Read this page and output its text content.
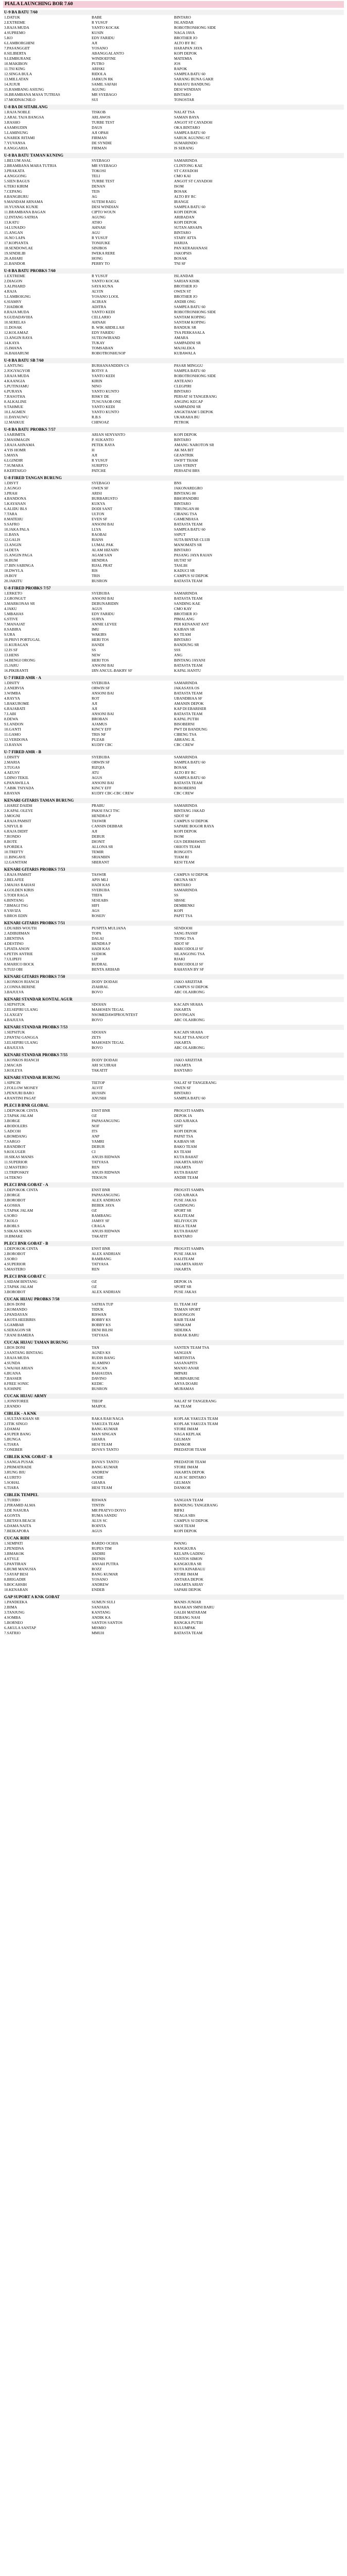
PIALA LAUNCHING BOR 7.60
U-9 BA BATU 7/60
1.DATUK	BABE	BINTARO
2.EXTREME	R YUSUF	ISLANDAR
3.RAJA MUDA	YANTO KOCAK	ROBOTRONHONG SIDE
4.SUPREMO	KUSIN	NAGA JAVA
5.KO	EDY FARIDU	BROTHER JO
6.LAMBORGHINI	AJI	ALTO BY RC
7.PASANGGIIT	YOSANO	HARAPAN JAYA
8.SILIBERTA	ABANGGALANTO	KOPI DEPOK
9.LEMBURANE	WINDOEFINE	MATEMIA
10.MAKIBON	PUTRO	JOS
11.TSI KING	ARISKI	RAPOK
12.SINGA BULA	RIDOLA	SAMPEA BATU 60
13.MILLATAN	JARKUN RK	SARANG BUNA GAKR
14.JUJUR	SAMIL SAFAH	RAHAYU BANDUNG
15.RAMBANG ASIUNG	AGUNG	DESI WINDIAN
16.BRAMBANA MASA TUTRIAS	MR SYEBAGO	BINTARO
17.MODNACNILO	SUI	TONOSTAR
U-8 BA DI SITABLANG
1.RAJA NOBLE	TISKOB	NALAT TSA
2.ARAL TAJA BANGSA	ARLAWOS	SAMAN BAYA
3.RASHO	TURBE TEST	ANGOT ST CAYADOH
4.SAMSUDIN	DAUS	OKA BINTARO
5.LAMINUNG	AJI OPAH	SAMPEA BATU 60
6.NAREK RITAMI	FIRMAN	SARUK AGUNNG ST
7.YUVANSA	DE SYNDIE	SUMARINDO
8.ANGGARIA	FIRMAN	IS SERANG
U-8 BA BATU TAMAN KUNING
1.BELUM ASAL	SYEBAGO	SAMARINDA
2.BRAMBANA MARA TUTRIA	MR SYEBAGO	CLINTONG KAE
3.PRAKATA	TOKOSI	ST CAYADOH
4.ANGGONG	TELI	CMO KAI
5.SIEN BAGUS	TURBE TEST	ANGOT ST CAYADOH
6.TEKI KIRIM	DENAN	ISOM
7.CEPANG	TEIS	BOSAK
8.BANGBURU	AG	ALTO BY RC
9.MANDAM ARNAMA	SUTEM RAEG	IRANGE
10.YUSNAK KUNJE	DESI WINDIAN	SAMPEA BATU 60
11.BRAMBANA BAGAN	CIPTO WOUN	KOPI DEPOK
12.INTANG SATRIA	AGUNG	ARIBADAN
13.KATU	ATHO	KOPI DEPOK
14.LUNADO	AHNAH	SUTAN ARSAPA
15.ANGAN	AGU	BINTARO
16.NO LAPA	R YUSUF	STARY ATTA
17.KOPIANTA	TONIJUKE	HARIJA
18.SENDOWLAE	SINJBOS	PAN KERAHANASI
19.SINDILIB	IWEKA RERE	JAKOPSIS
20.AJHARI	HONG	BOSAK
21.BANDOR	PERRY TO	TNI SF
U-8 BA BATU PROBKS 7/60
1.EXTREME	R YUSUF	ISLANDAR
2.DIAGON	YANTO KOCAK	SARIAN KISIK
3.ALPHARD	SAYA KUNA	BROTHER JO
4.RAJA	ALYIN	OWEN ST
5.LAMBOIGNG	YOSANO LOOL	BROTHER JO
6.SIAMSY	ACIRAN	ANDIR ONG
7.HADBOR	ADITRA	SAMPEA BATU 60
8.RAJA MUDA	YANTO KEDI	ROBOTRONHONG SIDE
9.GUDADAVIIIA	CELLARIO	SANTAM KOPING
10.SERELAS	AHNAH	SANTAM KOPING
11.DOSAK	B. WIK ABDILLAH	BANDUK SR
12.KOLAMAZ	EDY FARIDU	TSA PERKASALA
13.ANGIN RAYA	SUTEOWIRAND	AMARA
14.KAYA	TUKAY	SAMPADINI SR
15.IMANA	TOMSABAN	MAJALEKA
16.BAHARUM	ROBOTRONHUSOP	KUBAWALA
U-8 BA BATU SB 7/60
1.ANTUNG	BURHANANDDIN CS	PASAR MINGGU
2.JOGYAGYOR	ROTSY A	SAMPEA BATU 60
3.RAJA MUDA	YANTO KEDI	ROBOTRONHONG SIDE
4.KAANGIA	KIRIN	ANTEANO
5.PUTINJAMU	NINO	CLEGPIRI
6.PURAYA	YANTO KUNTO	BINTARO
7.RASOTHA	RISKY DE	PERSAT SI TANGERANG
8.ALKALINE	TUSGYAOB ONE	ANGING KECAP
9.TAHMUE	YANTO KEDI	SAMPADINI SR
10.LAGMEN	YANTO KUNTO	ANGKTHAM 5 DEPOK
11.DAYAUWU	R.B.S	UKARAHA BU
12.MAIKUE	CHINOAZ	PETROK
U-8 BA BATU PROBKS 7/57
1.SARIMITA	ARIAN SENYANTO	KOPI DEPOK
2.MASIMAGIN	P. SUKANTO	BINTARO
3.RAJA AHNAMA	PETEK RAYA	AMANG NAROTON SR
4.YIS HOMR	H	AK MA BIT
5.MAYA	AJI	GEANTRIK
6.LGINDIR	R YUSUF	SWIFT THAM
7.SUMARA	SURIPTO	LISS STRINT
8.KERTAIGO	PATCHE	PERSATSI BRS
U-8 FIRED TANGAN BURUNG
1.DISYT	SYEBAGO	BNS
2.AGNGO	OWEN SF	JAKONAREGRO
3.PRAH	ARISI	BINTANG 80
4.BANDONA	BURBARUSTO	BIHOPANDIRI
5.KAYANAN	KUKYA	BINTARO
6.ALIDU BLS	DODI SANT	TIRUNGAN 80
7.TARA	ULTON	CIBANG TSA
8.MATEHU	EVEN SF	GAMENBASA
9.SAFRO	ANSONI BAI	BATASTA TEAM
10.JAKA PALA	LLYA	SAMPEA BATU 60
11.BAYA	RAOBAI	SSPUT
12.GALIS	RIANS	SUTA BINTAR CLUB
13.ANGIN	LUMAL PAK	MANOMATS SR
14.DETA	ALAM HIZAIIN	BINTARO
15.ANGIN PAGA	AGAM SAN	PASANG JAYA RAIAN
16.BUM	HENDRA	HUTAT SF
17.BIN SABINGA	RIJAL PRAT	TASLIH
18.DWYLA	RIS	KADUCI SR
19.BOY	TRIS	CAMPUS SJ DEPOK
20.JAKITU	BUSRON	BATASTA TEAM
U-8 FIRED PROBKS 7/57
1.ERKETO	SYEBUBA	SAMARINDA
2.GRONGUT	ANSONI BAI	BATASTA TEAM
3.MARKONAS SR	DEBUNARIDIN	SANDING KAE
4.JAKU	AGUS	CMO KAY
5.MBAHAS	EDY FARIDU	BROTHER JO
6.STIVE	SURYA	PIMALANG
7.MANAJAT	ANNIE LEVEE	PER KENANAT ANT
8.SABIRA	IMU	KAIBAN SR
9.URA	WAKIRS	KS TEAM
10.PRIVI PORTUGAL	HERI TOS	BINTARO
11.KURAGAN	HANDI	BANDUNG SR
12.IS SF	SS	SSS
13.HENS	NEW	ANG
14.BENGI ORONG	HERI TOS	BINTANG JAYANI
15.JARU	ANSONI BAI	BATASTA TEAM
16.PIKIRANTI	IJIN ANCUL-BAKRY SF	KAPAL HANTU
U-7 FIRED AMR - A
1.DISITY	SYEBUBA	SAMARINDA
2.ANERVIA	ORWIN SF	JAKASAYA OS
3.WIMBA	ANSONI BAI	BATASTA TEAM
4.RAYYA	ROT	UBANDBIAA SF
5.BAKUROME	AJI	AMANIN DEPOK
6.RAJABATI	AJI	KAP DI EBARISER
7.LABI	ANSONI BAI	BATASTA TEAM
8.DEWA	BROBAN	KAPAL PUTIH
9.LANDON	AJAMUS	BISOBERNI
10.GANTI	KINCY EFF	PWT DI BANDUNG
11.GAMO	TRIS NF	CIBENG TSA
12.VERDONA	PUZAB	ABRANG JL
13.RAYAN	KUDIY CBC	CBC CREW
U-7 FIRED AMR - B
1.DISITY	SYEBUBA	SAMARINDA
2.MARIA	ORWIN SF	SAMPEA BATU 60
3.TUGAS	RIZQIA	BOSAK
4.AEUSY	ATU	ALTO BY RC
5.DINO TEKIL	AGUS	SAMPEA BATU 60
6.PANAWILLA	ANSONI BAI	BATASTA TEAM
7.ABIK TSIYADA	KINCY EFF	BOSOBERNI
8.BAYAN	KUDIY CBC-CBC CREW	CBC CREW
KENARI GITARIS TAMAN BURUNG
1.HARIZ DAIDH	PRABU	SAMARINDA
2.KAPAL OLEYE	PAKSI FACI TSC	BINTANG JAKAD
3.MOGNI	HENDRA P	SDOT SF
4.RAJA PAMSIT	TASWIR	CAMPUS SJ DEPOK
5.NIYUL B	CANSIN DEBBAR	SAPARE BOGOR RAYA
6.RAJA DIDIT	AJI	KOPI DEPOK
7.RONDO	DEBUR	ISOM
8.BOTE	DIONIT	GUS DERMAWATI
9.PORDEA	ALLONA SR	OHIOTS TEAM
10.TREFTY	TEMIR	RONGOTS
11.BINGAVE	SRIANBIN	TIAM RI
12.GANITAM	SBERANT	KESI TEAM
KENARI GITARIS PROBKS 7/53
1.RAJA PAMSIT	TASWIR	CAMPUS SJ DEPOK
2.BELAFEE	APIS MLI	OKUNA SKY
3.MAJAS RAHASI	HADI KAS	BINTARO
4.GOLDEN KIRIS	SYEBUBA	SAMARINDA
5.TODI RAGA	TIEFA	SS
6.BINTANG	SESEABS	SBSSE
7.BMAGI TSG	HIFI	DEMBENKI
8.YAVIZA	AGS	KOPI
9.BROS EDIN	ROSEIV	PAPIT TSA
KENARI GITARIS PROBKS 7/51
1.DUABIS WOUTH	PUSPITA MULIANA	SENDOOH
2.ADIBIJIMAN	TOPA	SANG PASSIF
3.BENTINA	DALAI	TIONG TSA
4.DESTINO	HENDRA P	SDOT SF
5.PIATA ANON	HADI KAS	BARCODOLIJ SF
6.PETIN ANTRIE	SUDIOK	SILANGONG TSA
7.ULIPEFI	LIP	RJAKI
8.MARICO BOCK	BUDRAL	BARCODOLIJ SF
9.TUIJ OBI	BENTA ARIHAB	RAHAYAN BY SF
KENARI GITARIS PROBKS 7/50
1.KONKOS RIANCH	DODY DODAH	JAKO ARIZITAR
2.CONNA BERINE	ZIAHRAL	CAMPUS SJ DEPOK
3.BAJULVA	BOVO	ABC OLAHRONG
KENARI STANDAR KONTAL AGUR
1.SEPSITUK	SDOIAN	KACAIN SRAHA
2.ELSEPIRI ULANG	MAHOSEN TEGAL	JAKARTA
3.LAXGEY	NSOMEDAWIPROUNTEST	DOVINGAN
4.BAJULVA	BOVO	ABC OLAHRONG
KENARI STANDAR PROBKS 7/53
1.SEPSITUK	SDOIAN	KACAIN SRAHA
2.PANTAI GANGGA	ZETS	NALAT TSA ANGOT
3.ELSEPIRI ULANG	MAHOSEN TEGAL	JAKARTA
4.BAJULVA	BOVO	ABC OLAHRONG
KENARI STANDAR PROBKS 7/55
1.KONKOS RIANCH	DODY DODAH	JAKO ARIZITAR
2.MACAIS	ARI SCUIRAH	JAKARTA
3.KOLEYA	TAKATIT	BANTARO
KENARI STANDAR BURUNG
1.SIPICIN	TIETOP	NALAT SF TANGERANG
2.FOLLOW MONEY	ALVIT	OWEN SF
3.PENJURI BARO	HUSSIN	BINTARO
4.RANTINI PAGAT	ANUSIH	SAMPEA BATU 60
PLECI B BNR GLOBAL
1.DEPOKOK CINTA	ENST BNR	PROGSTI SAMPA
2.TAPAK JALAM	OZ	DEPOK JA
3.BORGE	PAPASANGUNG	GSD AJRAKA
4.BODOLERS	NOF	SEPT
5.ADCOH	ITS	KOPI DEPOK
6.BOMDANG	ANP	PAPAT TSA
7.SARGO	YAMRI	KAIBAN SR
8.BANDBOT	DEBUR	BAKO TEAM
9.KOLUGER	CI	KS TEAM
10.SIKAS MANIS	ANUIS RIDWAN	KUTA BAHAT
11.SUPERIOR	TATYASA	JAKARTA ARIAY
12.MASTERO	REN	JAKARTA
13.TRIPOSKIY	ANUIS RIDWAN	KUTA BAHAT
14.TEKNO	TEKSUN	ANDIR TEAM
PLECI BNR GOBAT - A
1.DEPOKOK CINTA	ENST BNR	PROGSTI SAMPA
2.BORGE	PAPASANGUNG	GSD AJRAKA
3.BOROBOT	ALEX ANDRIAN	PUSE JAKAS
4.GOSHA	BEBEK JAYA	GADINGNG
5.TAPAK JALAM	OZ	SPORT SR
6.SORO	RAMBANG	KALITEAM
7.KOLO	JAMSY SF	SELIYOUCIN
8.BOBLS	CRAGA	REGA TEAM
9.SIKAS MANIS	ANUIS RIDWAN	KUTA BAHAT
10.BMAKE	TAKATIT	BANTARO
PLECI BNR GOBAT - B
1.DEPOKOK CINTA	ENST BNR	PROGSTI SAMPA
2.BOROBOT	ALEX ANDRIAN	PUSE JAKAS
3.SORO	RAMBANG	KALITEAM
4.SUPERIOR	TATYASA	JAKARTA ARIAY
5.MASTERO	REN	JAKARTA
PLECI BNR GOBAT C
1.SIDAM BINTANG	OZ	DEPOK JA
2.TAPAK JALAM	OZ	SPORT SR
3.BOROBOT	ALEX ANDRIAN	PUSE JAKAS
CUCAK HIJAU PROBKS 7/58
1.BOS DONI	SATRIA TUP	EL TEAM JAT
2.KOMANDO	TIDUK	TAMAN SPORT
3.PANDAYAN	RISWAN	BOJONGON
4.KOTA HEEBIRIS	BOBBY KS	RAIB TEAM
5.GAMBAR	BOBBY KS	SIPAKAM
6.SERAGON SR	DENI BILISI	SIDEJIKA
7.RANI BAMERA	TATYASA	BARAK BARU
CUCAK HIJAU TAMAN BURUNG
1.BOS DONI	TAN	SANTEN TEAM TSA
2.SANTANG BINTANG	AGNES KS	SANGIAN
3.RAJA MUDA	RUDIS BANG	MERTINTIA
4.SUNDA	ALAMINO	SASANAPITS
5.WAJAH ARIAN	RUSCAN	MANJO ANAR
6.BUANA	BAHAUDIA	IMPARI
7.BASSER	DAVINO	MUBINABUSE
8.FREE SONIC	KEDIC	ANYA DOARI
9.JOHNPE	BUSRON	MUBAMAS
CUCAK HIJAU ARMY
1.JONSTOREE	TIEOP	NALAT SF TANGERANG
2.RANDO	MAIPOL	AK TEAM
CIBLEK - A KNK
1.SULTAN KHAN SR	RAKA RAH NAGA	KOPLAK YAKUZA TEAM
2.ITIK SINGO	YAKUZA TEAM	KOPLAK YAKUZA TEAM
3.DAMAI	BANG KUMAR	STORE IMAM
4.SUPER BANG	MAN SINGAN	NAGA KEPLAK
5.BUNGA	GHARA	GELMAN
6.TIARA	HESI TEAM	DANKOR
7.ONEBER	DOVA'S TANTO	PREDATOR TEAM
CIBLEK KNK GOBAT - B
1.SANGA PUSAK	DOVA'S TANTO	PREDATOR TEAM
2.PRIMATRADE	BANG KUMAR	STORE IMAM
3.RUNG BIU	ANDREW	JAKARTA DEPOK
4.LURITO	OCHIE	ALIS SC BINTARO
5.SOHAL	GHARA	GELMAN
6.TIARA	HESI TEAM	DANKOR
CIBLEK TEMPEL
1.TURBO	RISWAN	SANGIAN TEAM
2.PIRAMID ALMA	TINTIN	BANDUNG TANGERANG
3.DE NASURA	MR PRATYO DOYO	RIFKI
4.GONTA	RUMA SANDU	NEAGA SBS
5.BETAYA BEACH	ALUS SC	CAMPUS SJ DEPOK
6.DAMA NAITA	ROINTA	SKOI TEAM
7.BEIKAPORA	AGUS	KOPI DEPOK
CUCAK RIDI
1.SEMPATI	BARDO OCHIA	IWANG
2.PENIDNA	RUPES TIM	KANGKURA
3.BMAKOK	ANDIRI	KELAPA GADING
4.STYLE	DEFNIS	SANTOS SIMON
5.PANTIRAN	ANSAH PUTRA	KANGKURA SR
6.BUMI MANUSIA	ROZZ	KOTA KINABALU
7.SAYAP BESI	BANG KUMAR	STORE IMAM
8.BRIGADIR	YOSANO	ANTARA DEPOK
9.BOCAHSIH	ANDREW	JAKARTA ARIAY
10.KENARAN	ENDEB	SAPARI DEPOK
GAP SUPORT A KNK GOBAT
1.PANDEEKA	SUMUN SULI	MANIS JUNIAR
2.BIMA	SANJAHA	BAJAKAN SMNI BARU
3.TANJUNG	KANTANG	GALIH MATARAM
4.SOMBA	ANDIK KA	DEBANG NASI
5.BORNEO	SANTOS SANTOS	BANGKA PUTIH
6.AKULA SANTAP	MISMIO	KULUMPAK
7.SATRIO	MMUH	BATASTA TEAM
